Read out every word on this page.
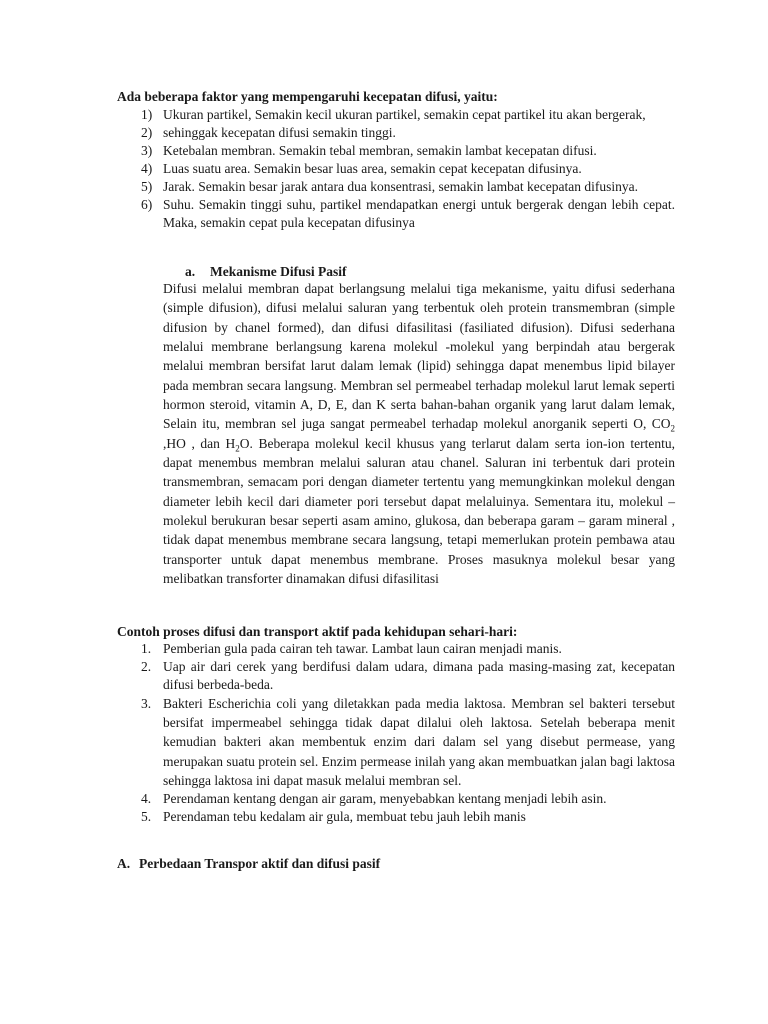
Ada beberapa faktor yang mempengaruhi kecepatan difusi, yaitu:
1) Ukuran partikel, Semakin kecil ukuran partikel, semakin cepat partikel itu akan bergerak,
2) sehinggak kecepatan difusi semakin tinggi.
3) Ketebalan membran. Semakin tebal membran, semakin lambat kecepatan difusi.
4) Luas suatu area. Semakin besar luas area, semakin cepat kecepatan difusinya.
5) Jarak. Semakin besar jarak antara dua konsentrasi, semakin lambat kecepatan difusinya.
6) Suhu. Semakin tinggi suhu, partikel mendapatkan energi untuk bergerak dengan lebih cepat. Maka, semakin cepat pula kecepatan difusinya
a. Mekanisme Difusi Pasif
Difusi melalui membran dapat berlangsung melalui tiga mekanisme, yaitu difusi sederhana (simple difusion), difusi melalui saluran yang terbentuk oleh protein transmembran (simple difusion by chanel formed), dan difusi difasilitasi (fasiliated difusion). Difusi sederhana melalui membrane berlangsung karena molekul -molekul yang berpindah atau bergerak melalui membran bersifat larut dalam lemak (lipid) sehingga dapat menembus lipid bilayer pada membran secara langsung. Membran sel permeabel terhadap molekul larut lemak seperti hormon steroid, vitamin A, D, E, dan K serta bahan-bahan organik yang larut dalam lemak, Selain itu, membran sel juga sangat permeabel terhadap molekul anorganik seperti O, $CO_2$ ,HO , dan $H_2O$. Beberapa molekul kecil khusus yang terlarut dalam serta ion-ion tertentu, dapat menembus membran melalui saluran atau chanel. Saluran ini terbentuk dari protein transmembran, semacam pori dengan diameter tertentu yang memungkinkan molekul dengan diameter lebih kecil dari diameter pori tersebut dapat melaluinya. Sementara itu, molekul – molekul berukuran besar seperti asam amino, glukosa, dan beberapa garam – garam mineral , tidak dapat menembus membrane secara langsung, tetapi memerlukan protein pembawa atau transporter untuk dapat menembus membrane. Proses masuknya molekul besar yang melibatkan transforter dinamakan difusi difasilitasi
Contoh proses difusi dan transport aktif pada kehidupan sehari-hari:
1. Pemberian gula pada cairan teh tawar. Lambat laun cairan menjadi manis.
2. Uap air dari cerek yang berdifusi dalam udara, dimana pada masing-masing zat, kecepatan difusi berbeda-beda.
3. Bakteri Escherichia coli yang diletakkan pada media laktosa. Membran sel bakteri tersebut bersifat impermeabel sehingga tidak dapat dilalui oleh laktosa. Setelah beberapa menit kemudian bakteri akan membentuk enzim dari dalam sel yang disebut permease, yang merupakan suatu protein sel. Enzim permease inilah yang akan membuatkan jalan bagi laktosa sehingga laktosa ini dapat masuk melalui membran sel.
4. Perendaman kentang dengan air garam, menyebabkan kentang menjadi lebih asin.
5. Perendaman tebu kedalam air gula, membuat tebu jauh lebih manis
A. Perbedaan Transpor aktif dan difusi pasif
